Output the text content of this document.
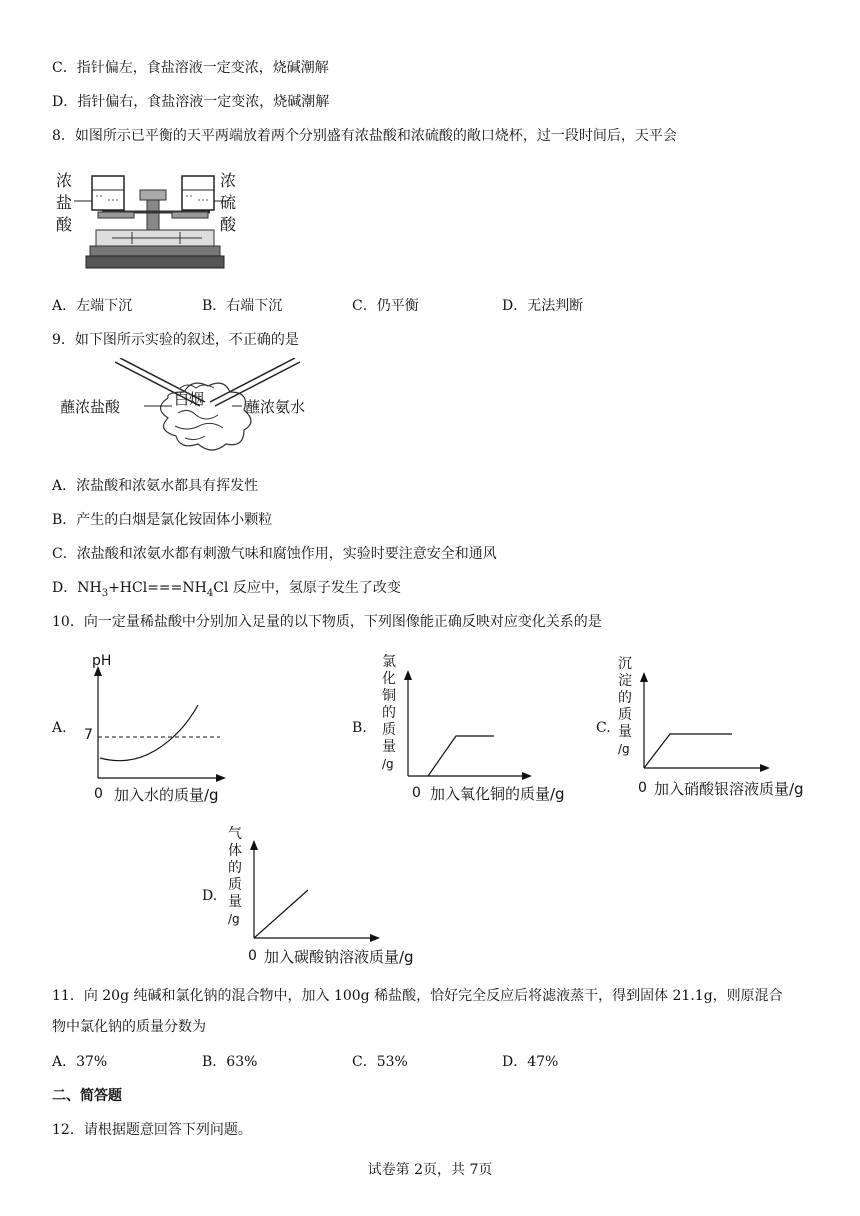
C．指针偏左，食盐溶液一定变浓，烧碱潮解
D．指针偏右，食盐溶液一定变浓，烧碱潮解
8．如图所示已平衡的天平两端放着两个分别盛有浓盐酸和浓硫酸的敞口烧杯，过一段时间后，天平会
浓
盐
酸
浓
硫
酸
A．左端下沉	B．右端下沉	C．仍平衡	D．无法判断
9．如下图所示实验的叙述，不正确的是
蘸浓盐酸	白烟	蘸浓氨水
A．浓盐酸和浓氨水都具有挥发性
B．产生的白烟是氯化铵固体小颗粒
C．浓盐酸和浓氨水都有刺激气味和腐蚀作用，实验时要注意安全和通风
D．$NH_3+HCl===NH_4Cl$ 反应中，氢原子发生了改变
10．向一定量稀盐酸中分别加入足量的以下物质，下列图像能正确反映对应变化关系的是
A.
pH
7
0 加入水的质量/g
B.
氯
化
铜
的
质
量
/g
0 加入氧化铜的质量/g
C.
沉
淀
的
质
量
/g
0 加入硝酸银溶液质量/g
D.
气
体
的
质
量
/g
0 加入碳酸钠溶液质量/g
11．向 20g 纯碱和氯化钠的混合物中，加入 100g 稀盐酸，恰好完全反应后将滤液蒸干，得到固体 21.1g，则原混合
物中氯化钠的质量分数为
A．37%	B．63%	C．53%	D．47%
二、简答题
12．请根据题意回答下列问题。
试卷第 2页，共 7页
